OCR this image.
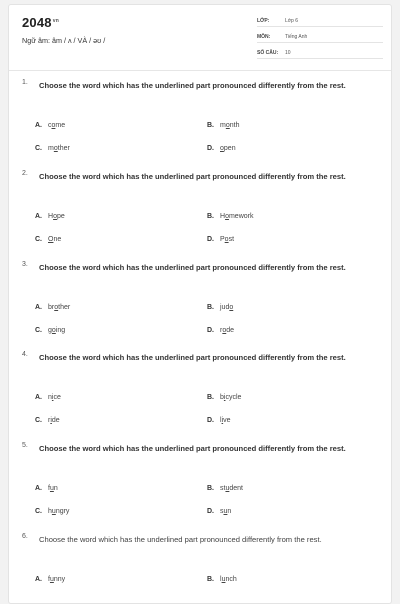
$2048^{vn}$
Ngữ âm: âm / ʌ / VÀ / əʊ /
LỚP:	Lớp 6
MÔN:	Tiếng Anh
SỐ CÂU: 10
1. Choose the word which has the underlined part pronounced differently from the rest.
A. come	B. month
C. mother	D. open
2. Choose the word which has the underlined part pronounced differently from the rest.
A. Hope	B. Homework
C. One	D. Post
3. Choose the word which has the underlined part pronounced differently from the rest.
A. brother	B. judo
C. going	D. rode
4. Choose the word which has the underlined part pronounced differently from the rest.
A. nice	B. bicycle
C. ride	D. live
5. Choose the word which has the underlined part pronounced differently from the rest.
A. fun	B. student
C. hungry	D. sun
6. Choose the word which has the underlined part pronounced differently from the rest.
A. funny	B. lunch
